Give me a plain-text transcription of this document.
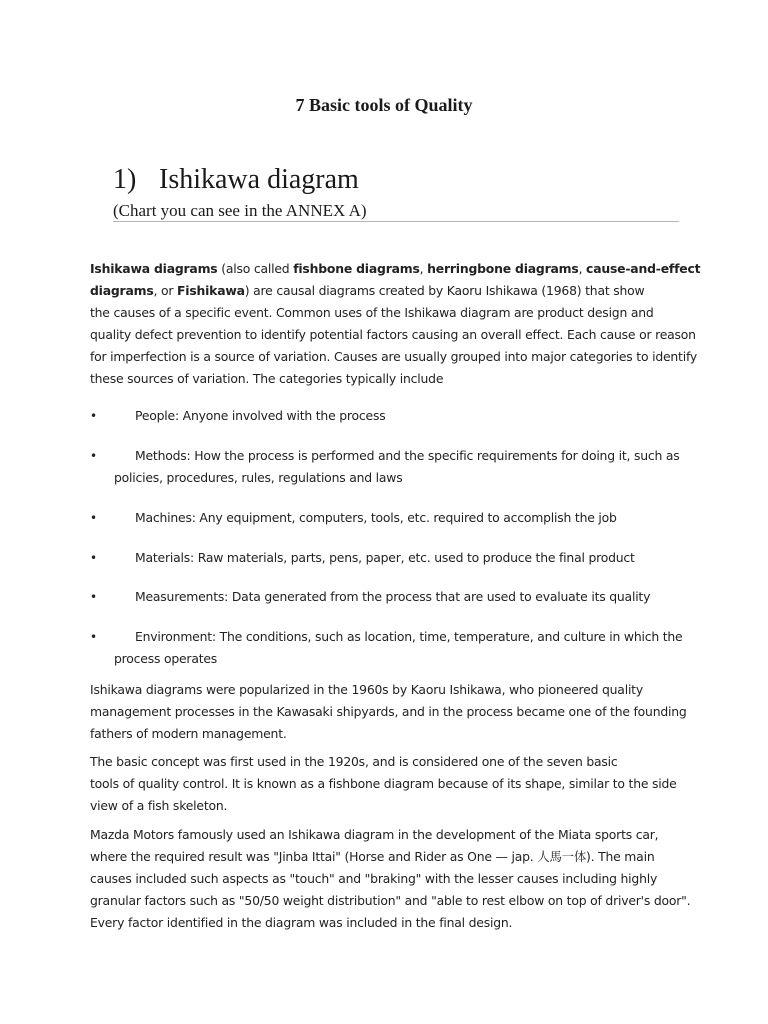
7 Basic tools of Quality
1) Ishikawa diagram
(Chart you can see in the ANNEX A)
Ishikawa diagrams (also called fishbone diagrams, herringbone diagrams, cause-and-effect
diagrams, or Fishikawa) are causal diagrams created by Kaoru Ishikawa (1968) that show
the causes of a specific event. Common uses of the Ishikawa diagram are product design and
quality defect prevention to identify potential factors causing an overall effect. Each cause or reason
for imperfection is a source of variation. Causes are usually grouped into major categories to identify
these sources of variation. The categories typically include
•	People: Anyone involved with the process
•	Methods: How the process is performed and the specific requirements for doing it, such as
policies, procedures, rules, regulations and laws
•	Machines: Any equipment, computers, tools, etc. required to accomplish the job
•	Materials: Raw materials, parts, pens, paper, etc. used to produce the final product
•	Measurements: Data generated from the process that are used to evaluate its quality
•	Environment: The conditions, such as location, time, temperature, and culture in which the
process operates
Ishikawa diagrams were popularized in the 1960s by Kaoru Ishikawa, who pioneered quality
management processes in the Kawasaki shipyards, and in the process became one of the founding
fathers of modern management.
The basic concept was first used in the 1920s, and is considered one of the seven basic
tools of quality control. It is known as a fishbone diagram because of its shape, similar to the side
view of a fish skeleton.
Mazda Motors famously used an Ishikawa diagram in the development of the Miata sports car,
where the required result was "Jinba Ittai" (Horse and Rider as One — jap. 人馬一体). The main
causes included such aspects as "touch" and "braking" with the lesser causes including highly
granular factors such as "50/50 weight distribution" and "able to rest elbow on top of driver's door".
Every factor identified in the diagram was included in the final design.
